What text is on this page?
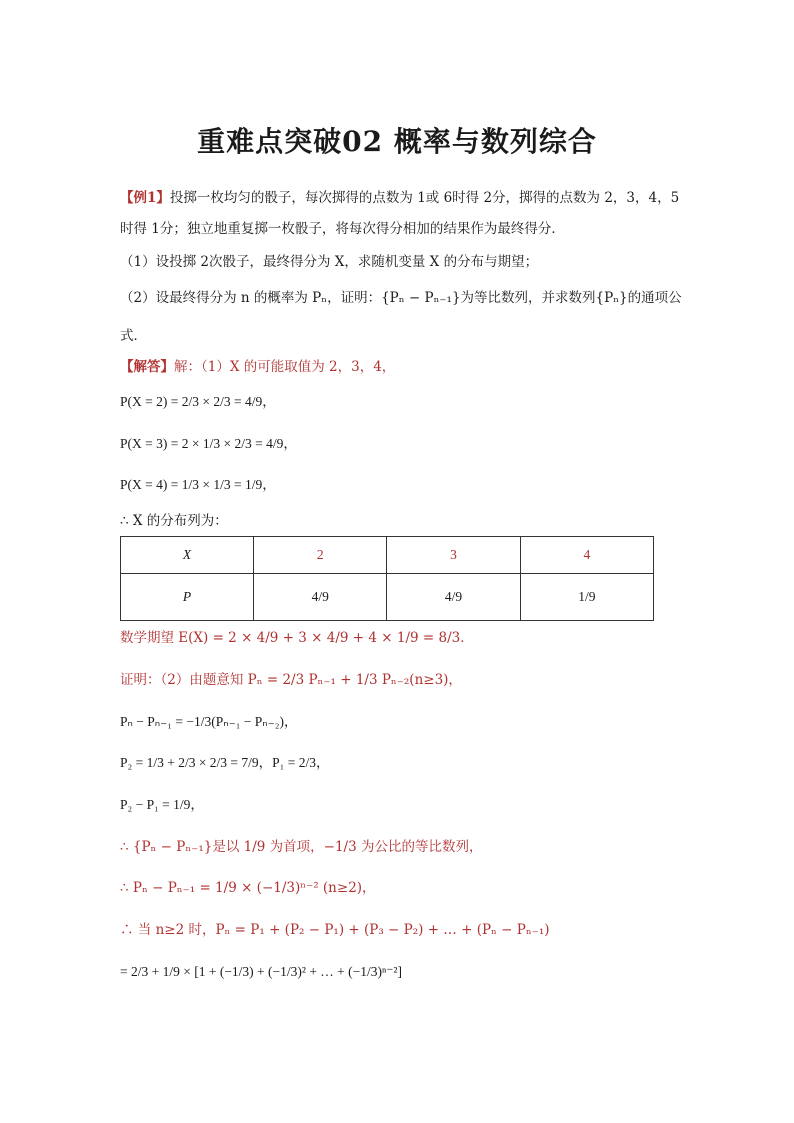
重难点突破02 概率与数列综合
【例1】投掷一枚均匀的骰子，每次掷得的点数为 1或 6时得 2分，掷得的点数为 2，3，4，5
时得 1分；独立地重复掷一枚骰子，将每次得分相加的结果作为最终得分．
（1）设投掷 2次骰子，最终得分为 X，求随机变量 X 的分布与期望；
（2）设最终得分为 n 的概率为 Pₙ，证明：{Pₙ − Pₙ₋₁}为等比数列，并求数列{Pₙ}的通项公
式．
【解答】解：（1）X 的可能取值为 2，3，4，
P(X = 2) = 2/3 × 2/3 = 4/9，
P(X = 3) = 2 × 1/3 × 2/3 = 4/9，
P(X = 4) = 1/3 × 1/3 = 1/9，
∴ X 的分布列为：
X	2	3	4
P	4/9	4/9	1/9
数学期望 E(X) = 2 × 4/9 + 3 × 4/9 + 4 × 1/9 = 8/3．
证明：（2）由题意知 Pₙ = 2/3 Pₙ₋₁ + 1/3 Pₙ₋₂(n≥3)，
Pₙ − Pₙ₋₁ = −1/3(Pₙ₋₁ − Pₙ₋₂)，
P₂ = 1/3 + 2/3 × 2/3 = 7/9，P₁ = 2/3，
P₂ − P₁ = 1/9，
∴ {Pₙ − Pₙ₋₁}是以 1/9 为首项，−1/3 为公比的等比数列，
∴ Pₙ − Pₙ₋₁ = 1/9 × (−1/3)ⁿ⁻² (n≥2)，
∴ 当 n≥2 时，Pₙ = P₁ + (P₂ − P₁) + (P₃ − P₂) + … + (Pₙ − Pₙ₋₁)
= 2/3 + 1/9 × [1 + (−1/3) + (−1/3)² + … + (−1/3)ⁿ⁻²]
